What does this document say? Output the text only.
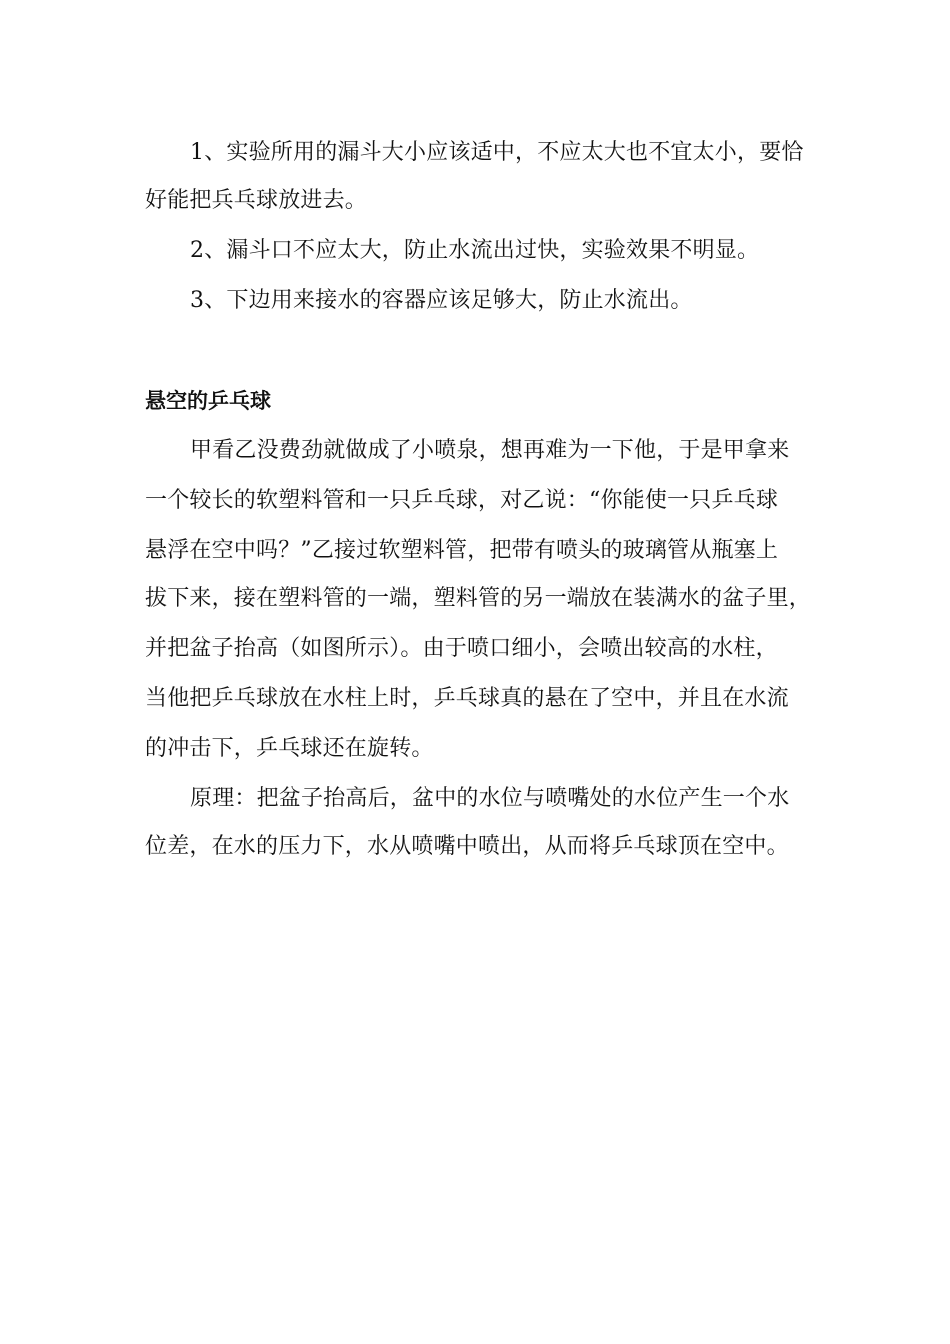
1、实验所用的漏斗大小应该适中，不应太大也不宜太小，要恰
好能把兵乓球放进去。
2、漏斗口不应太大，防止水流出过快，实验效果不明显。
3、下边用来接水的容器应该足够大，防止水流出。
悬空的乒乓球
甲看乙没费劲就做成了小喷泉，想再难为一下他，于是甲拿来
一个较长的软塑料管和一只乒乓球，对乙说：“你能使一只乒乓球
悬浮在空中吗？”乙接过软塑料管，把带有喷头的玻璃管从瓶塞上
拔下来，接在塑料管的一端，塑料管的另一端放在装满水的盆子里，
并把盆子抬高（如图所示）。由于喷口细小，会喷出较高的水柱，
当他把乒乓球放在水柱上时，乒乓球真的悬在了空中，并且在水流
的冲击下，乒乓球还在旋转。
原理：把盆子抬高后，盆中的水位与喷嘴处的水位产生一个水
位差，在水的压力下，水从喷嘴中喷出，从而将乒乓球顶在空中。
